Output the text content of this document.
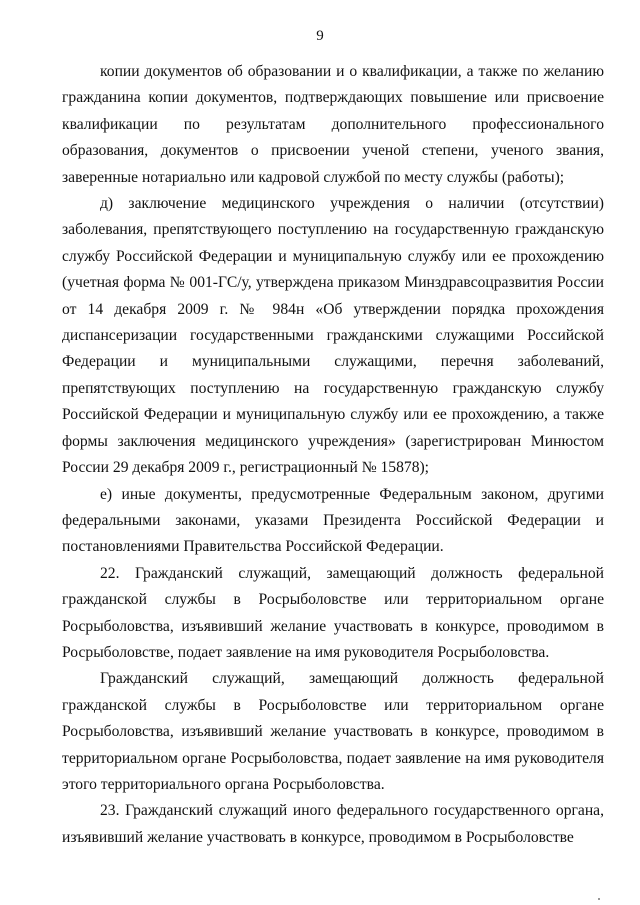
9

копии документов об образовании и о квалификации, а также по желанию гражданина копии документов, подтверждающих повышение или присвоение квалификации по результатам дополнительного профессионального образования, документов о присвоении ученой степени, ученого звания, заверенные нотариально или кадровой службой по месту службы (работы);

д) заключение медицинского учреждения о наличии (отсутствии) заболевания, препятствующего поступлению на государственную гражданскую службу Российской Федерации и муниципальную службу или ее прохождению (учетная форма № 001-ГС/у, утверждена приказом Минздравсоцразвития России от 14 декабря 2009 г. № 984н «Об утверждении порядка прохождения диспансеризации государственными гражданскими служащими Российской Федерации и муниципальными служащими, перечня заболеваний, препятствующих поступлению на государственную гражданскую службу Российской Федерации и муниципальную службу или ее прохождению, а также формы заключения медицинского учреждения» (зарегистрирован Минюстом России 29 декабря 2009 г., регистрационный № 15878);

е) иные документы, предусмотренные Федеральным законом, другими федеральными законами, указами Президента Российской Федерации и постановлениями Правительства Российской Федерации.

22. Гражданский служащий, замещающий должность федеральной гражданской службы в Росрыболовстве или территориальном органе Росрыболовства, изъявивший желание участвовать в конкурсе, проводимом в Росрыболовстве, подает заявление на имя руководителя Росрыболовства.

Гражданский служащий, замещающий должность федеральной гражданской службы в Росрыболовстве или территориальном органе Росрыболовства, изъявивший желание участвовать в конкурсе, проводимом в территориальном органе Росрыболовства, подает заявление на имя руководителя этого территориального органа Росрыболовства.

23. Гражданский служащий иного федерального государственного органа, изъявивший желание участвовать в конкурсе, проводимом в Росрыболовстве
